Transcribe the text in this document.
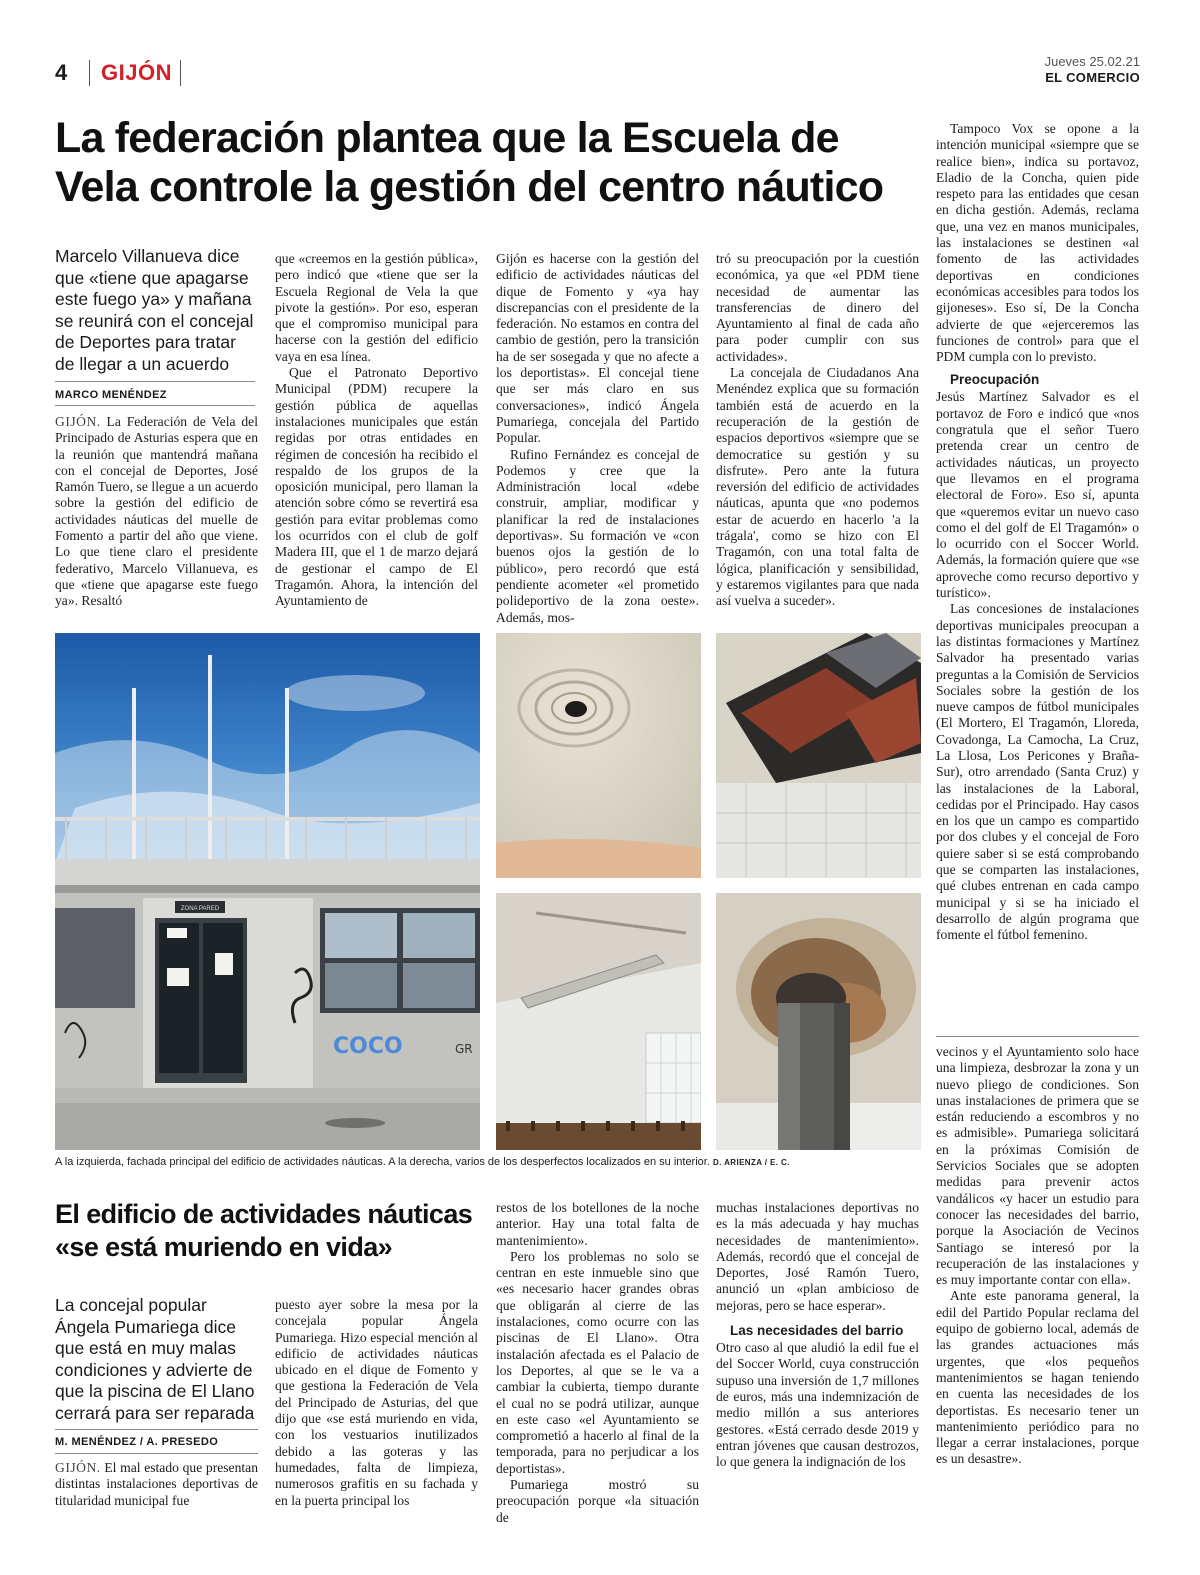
4 GIJÓN	Jueves 25.02.21
EL COMERCIO
La federación plantea que la Escuela de Vela controle la gestión del centro náutico
Marcelo Villanueva dice que «tiene que apagarse este fuego ya» y mañana se reunirá con el concejal de Deportes para tratar de llegar a un acuerdo
MARCO MENÉNDEZ

GIJÓN. La Federación de Vela del Principado de Asturias espera que en la reunión que mantendrá mañana con el concejal de Deportes, José Ramón Tuero, se llegue a un acuerdo sobre la gestión del edificio de actividades náuticas del muelle de Fomento a partir del año que viene. Lo que tiene claro el presidente federativo, Marcelo Villanueva, es que «tiene que apagarse este fuego ya». Resaltó

que «creemos en la gestión pública», pero indicó que «tiene que ser la Escuela Regional de Vela la que pivote la gestión». Por eso, esperan que el compromiso municipal para hacerse con la gestión del edificio vaya en esa línea.

Que el Patronato Deportivo Municipal (PDM) recupere la gestión pública de aquellas instalaciones municipales que están regidas por otras entidades en régimen de concesión ha recibido el respaldo de los grupos de la oposición municipal, pero llaman la atención sobre cómo se revertirá esa gestión para evitar problemas como los ocurridos con el club de golf Madera III, que el 1 de marzo dejará de gestionar el campo de El Tragamón. Ahora, la intención del Ayuntamiento de

Gijón es hacerse con la gestión del edificio de actividades náuticas del dique de Fomento y «ya hay discrepancias con el presidente de la federación. No estamos en contra del cambio de gestión, pero la transición ha de ser sosegada y que no afecte a los deportistas». El concejal tiene que ser más claro en sus conversaciones», indicó Ángela Pumariega, concejala del Partido Popular.

Rufino Fernández es concejal de Podemos y cree que la Administración local «debe construir, ampliar, modificar y planificar la red de instalaciones deportivas». Su formación ve «con buenos ojos la gestión de lo público», pero recordó que está pendiente acometer «el prometido polideportivo de la zona oeste». Además, mos-

tró su preocupación por la cuestión económica, ya que «el PDM tiene necesidad de aumentar las transferencias de dinero del Ayuntamiento al final de cada año para poder cumplir con sus actividades».

La concejala de Ciudadanos Ana Menéndez explica que su formación también está de acuerdo en la recuperación de la gestión de espacios deportivos «siempre que se democratice su gestión y su disfrute». Pero ante la futura reversión del edificio de actividades náuticas, apunta que «no podemos estar de acuerdo en hacerlo 'a la trágala', como se hizo con El Tragamón, con una total falta de lógica, planificación y sensibilidad, y estaremos vigilantes para que nada así vuelva a suceder».

Tampoco Vox se opone a la intención municipal «siempre que se realice bien», indica su portavoz, Eladio de la Concha, quien pide respeto para las entidades que cesan en dicha gestión. Además, reclama que, una vez en manos municipales, las instalaciones se destinen «al fomento de las actividades deportivas en condiciones económicas accesibles para todos los gijoneses». Eso sí, De la Concha advierte de que «ejerceremos las funciones de control» para que el PDM cumpla con lo previsto.

Preocupación

Jesús Martínez Salvador es el portavoz de Foro e indicó que «nos congratula que el señor Tuero pretenda crear un centro de actividades náuticas, un proyecto que llevamos en el programa electoral de Foro». Eso sí, apunta que «queremos evitar un nuevo caso como el del golf de El Tragamón» o lo ocurrido con el Soccer World. Además, la formación quiere que «se aproveche como recurso deportivo y turístico».

Las concesiones de instalaciones deportivas municipales preocupan a las distintas formaciones y Martínez Salvador ha presentado varias preguntas a la Comisión de Servicios Sociales sobre la gestión de los nueve campos de fútbol municipales (El Mortero, El Tragamón, Lloreda, Covadonga, La Camocha, La Cruz, La Llosa, Los Pericones y Braña-Sur), otro arrendado (Santa Cruz) y las instalaciones de la Laboral, cedidas por el Principado. Hay casos en los que un campo es compartido por dos clubes y el concejal de Foro quiere saber si se está comprobando que se comparten las instalaciones, qué clubes entrenan en cada campo municipal y si se ha iniciado el desarrollo de algún programa que fomente el fútbol femenino.

ZONA PARED
COCO	GR
A la izquierda, fachada principal del edificio de actividades náuticas. A la derecha, varios de los desperfectos localizados en su interior. D. ARIENZA / E. C.
El edificio de actividades náuticas «se está muriendo en vida»
La concejal popular Ángela Pumariega dice que está en muy malas condiciones y advierte de que la piscina de El Llano cerrará para ser reparada
M. MENÉNDEZ / A. PRESEDO

GIJÓN. El mal estado que presentan distintas instalaciones deportivas de titularidad municipal fue

puesto ayer sobre la mesa por la concejala popular Ángela Pumariega. Hizo especial mención al edificio de actividades náuticas ubicado en el dique de Fomento y que gestiona la Federación de Vela del Principado de Asturias, del que dijo que «se está muriendo en vida, con los vestuarios inutilizados debido a las goteras y las humedades, falta de limpieza, numerosos grafitis en su fachada y en la puerta principal los

restos de los botellones de la noche anterior. Hay una total falta de mantenimiento».

Pero los problemas no solo se centran en este inmueble sino que «es necesario hacer grandes obras que obligarán al cierre de las instalaciones, como ocurre con las piscinas de El Llano». Otra instalación afectada es el Palacio de los Deportes, al que se le va a cambiar la cubierta, tiempo durante el cual no se podrá utilizar, aunque en este caso «el Ayuntamiento se comprometió a hacerlo al final de la temporada, para no perjudicar a los deportistas».

Pumariega mostró su preocupación porque «la situación de

muchas instalaciones deportivas no es la más adecuada y hay muchas necesidades de mantenimiento». Además, recordó que el concejal de Deportes, José Ramón Tuero, anunció un «plan ambicioso de mejoras, pero se hace esperar».

Las necesidades del barrio

Otro caso al que aludió la edil fue el del Soccer World, cuya construcción supuso una inversión de 1,7 millones de euros, más una indemnización de medio millón a sus anteriores gestores. «Está cerrado desde 2019 y entran jóvenes que causan destrozos, lo que genera la indignación de los

vecinos y el Ayuntamiento solo hace una limpieza, desbrozar la zona y un nuevo pliego de condiciones. Son unas instalaciones de primera que se están reduciendo a escombros y no es admisible». Pumariega solicitará en la próximas Comisión de Servicios Sociales que se adopten medidas para prevenir actos vandálicos «y hacer un estudio para conocer las necesidades del barrio, porque la Asociación de Vecinos Santiago se interesó por la recuperación de las instalaciones y es muy importante contar con ella».

Ante este panorama general, la edil del Partido Popular reclama del equipo de gobierno local, además de las grandes actuaciones más urgentes, que «los pequeños mantenimientos se hagan teniendo en cuenta las necesidades de los deportistas. Es necesario tener un mantenimiento periódico para no llegar a cerrar instalaciones, porque es un desastre».
